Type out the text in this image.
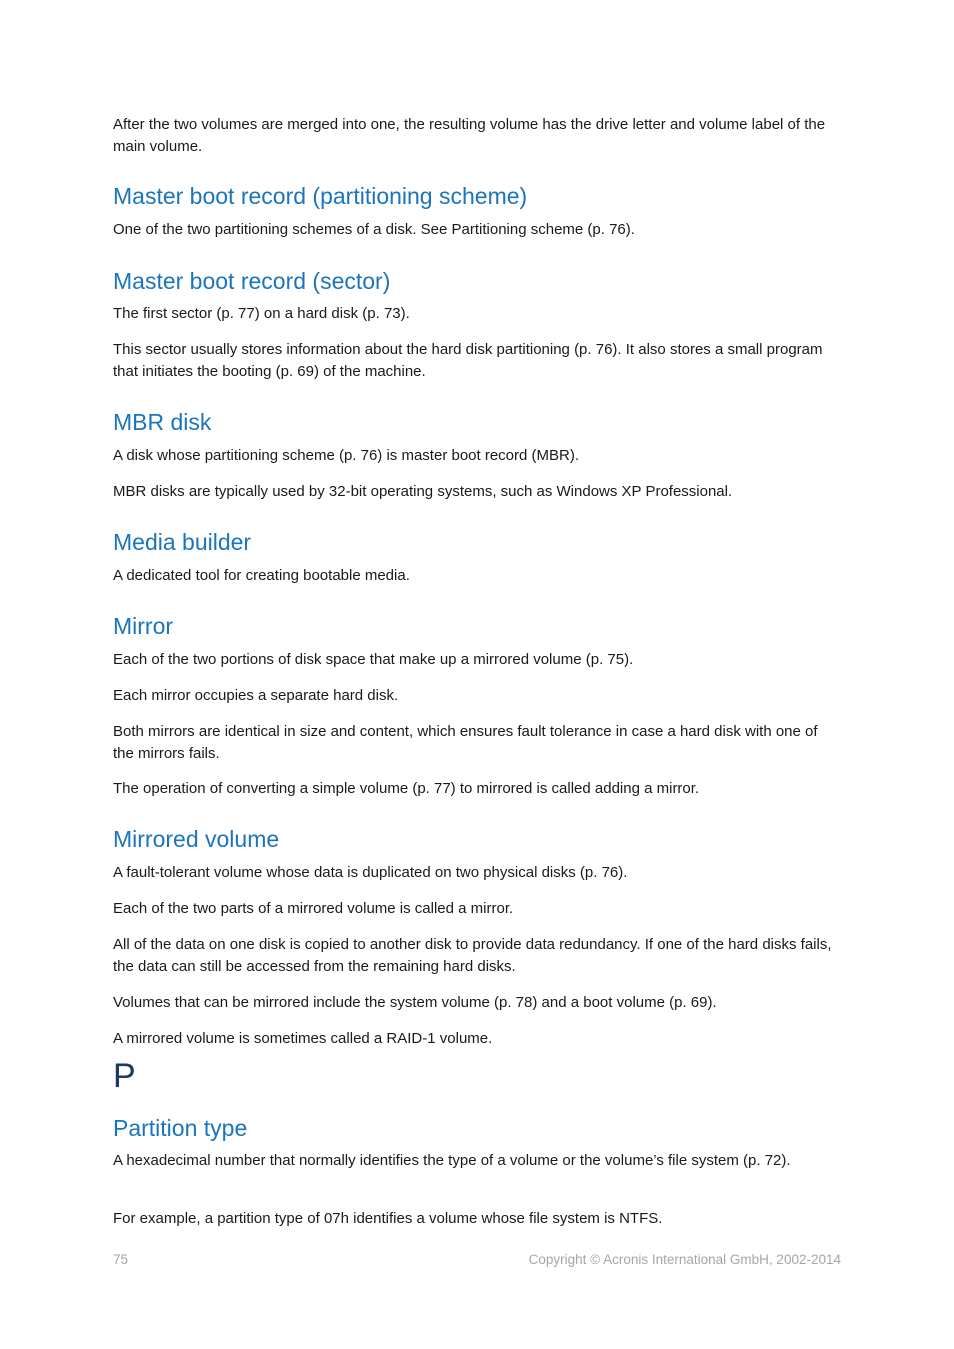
After the two volumes are merged into one, the resulting volume has the drive letter and volume label of the main volume.

Master boot record (partitioning scheme)

One of the two partitioning schemes of a disk. See Partitioning scheme (p. 76).

Master boot record (sector)

The first sector (p. 77) on a hard disk (p. 73).

This sector usually stores information about the hard disk partitioning (p. 76). It also stores a small program that initiates the booting (p. 69) of the machine.

MBR disk

A disk whose partitioning scheme (p. 76) is master boot record (MBR).

MBR disks are typically used by 32-bit operating systems, such as Windows XP Professional.

Media builder

A dedicated tool for creating bootable media.

Mirror

Each of the two portions of disk space that make up a mirrored volume (p. 75).

Each mirror occupies a separate hard disk.

Both mirrors are identical in size and content, which ensures fault tolerance in case a hard disk with one of the mirrors fails.

The operation of converting a simple volume (p. 77) to mirrored is called adding a mirror.

Mirrored volume

A fault-tolerant volume whose data is duplicated on two physical disks (p. 76).

Each of the two parts of a mirrored volume is called a mirror.

All of the data on one disk is copied to another disk to provide data redundancy. If one of the hard disks fails, the data can still be accessed from the remaining hard disks.

Volumes that can be mirrored include the system volume (p. 78) and a boot volume (p. 69).

A mirrored volume is sometimes called a RAID-1 volume.

P
Partition type

A hexadecimal number that normally identifies the type of a volume or the volume’s file system (p. 72).

For example, a partition type of 07h identifies a volume whose file system is NTFS.

75	Copyright © Acronis International GmbH, 2002-2014
